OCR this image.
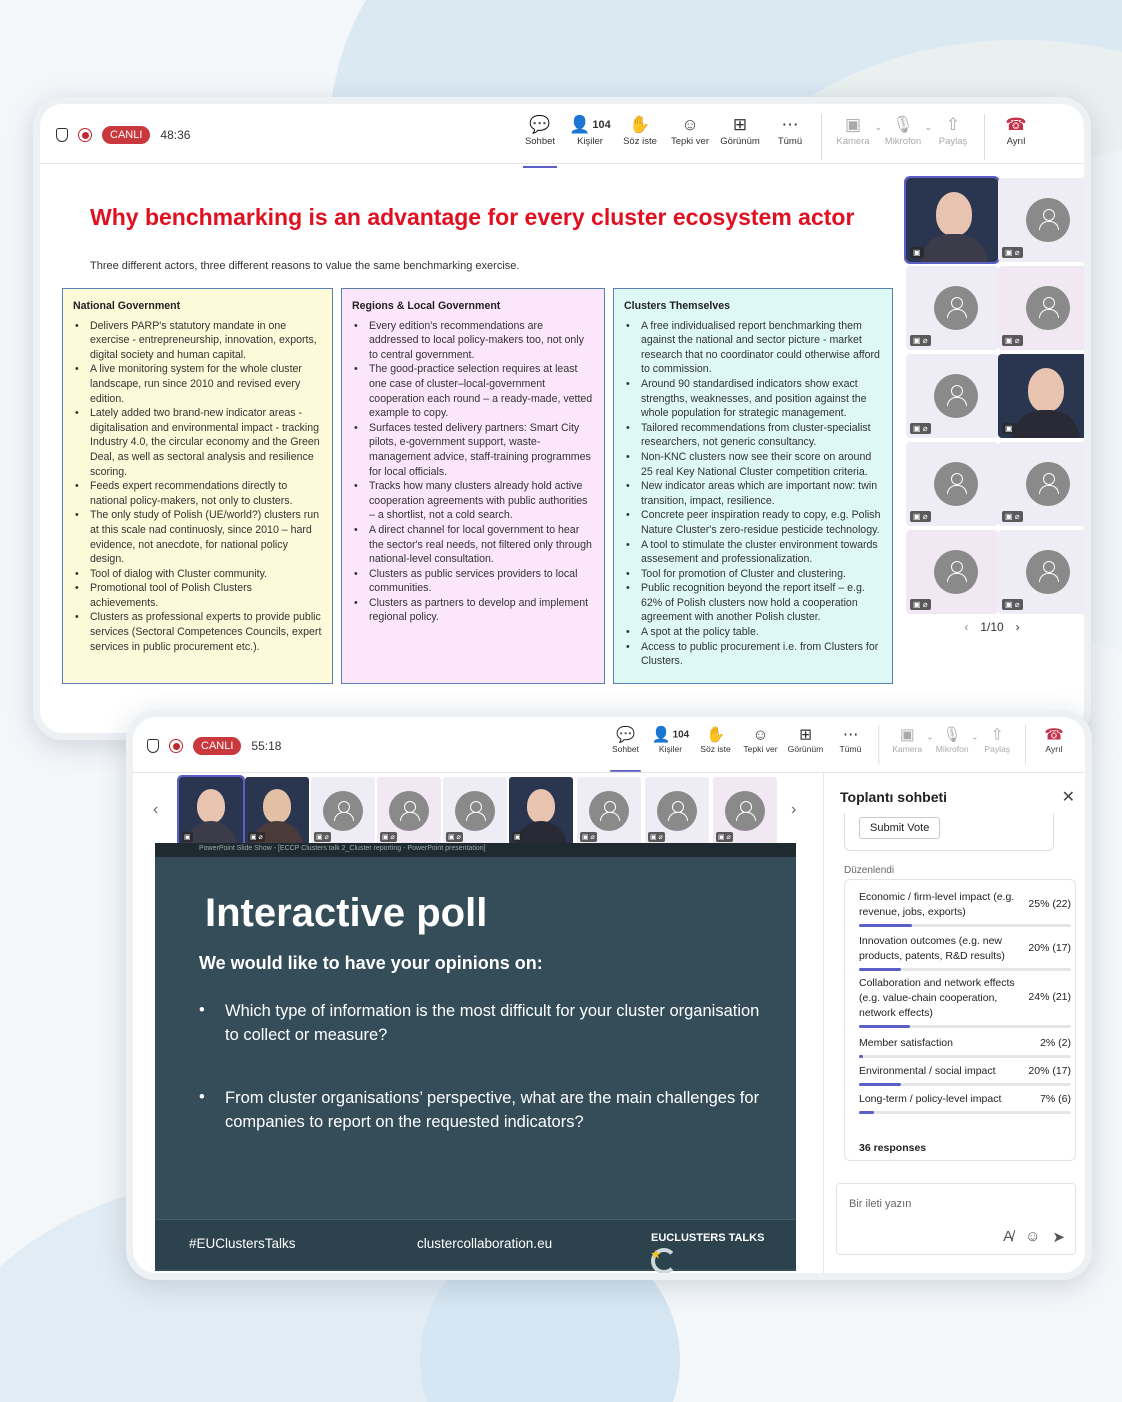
CANLI	48:36
💬
Sohbet
👤 104
Kişiler
✋
Söz iste
☺
Tepki ver
⊞
Görünüm
⋯
Tümü
▣
Kamera
⌄ 🎙
Mikrofon
⌄ ⇧
Paylaş
☎
Ayrıl
Why benchmarking is an advantage for every cluster ecosystem actor
Three different actors, three different reasons to value the same benchmarking exercise.
National Government
• Delivers PARP's statutory mandate in one exercise - entrepreneurship, innovation, exports, digital society and human capital.
• A live monitoring system for the whole cluster landscape, run since 2010 and revised every edition.
• Lately added two brand-new indicator areas - digitalisation and environmental impact - tracking Industry 4.0, the circular economy and the Green Deal, as well as sectoral analysis and resilience scoring.
• Feeds expert recommendations directly to national policy-makers, not only to clusters.
• The only study of Polish (UE/world?) clusters run at this scale nad continuosly, since 2010 – hard evidence, not anecdote, for national policy design.
• Tool of dialog with Cluster community.
• Promotional tool of Polish Clusters achievements.
• Clusters as professional experts to provide public services (Sectoral Competences Councils, expert services in public procurement etc.).
Regions & Local Government
• Every edition's recommendations are addressed to local policy-makers too, not only to central government.
• The good-practice selection requires at least one case of cluster–local-government cooperation each round – a ready-made, vetted example to copy.
• Surfaces tested delivery partners: Smart City pilots, e-government support, waste-management advice, staff-training programmes for local officials.
• Tracks how many clusters already hold active cooperation agreements with public authorities – a shortlist, not a cold search.
• A direct channel for local government to hear the sector's real needs, not filtered only through national-level consultation.
• Clusters as public services providers to local communities.
• Clusters as partners to develop and implement regional policy.
Clusters Themselves
• A free individualised report benchmarking them against the national and sector picture - market research that no coordinator could otherwise afford to commission.
• Around 90 standardised indicators show exact strengths, weaknesses, and position against the whole population for strategic management.
• Tailored recommendations from cluster-specialist researchers, not generic consultancy.
• Non-KNC clusters now see their score on around 25 real Key National Cluster competition criteria.
• New indicator areas which are important now: twin transition, impact, resilience.
• Concrete peer inspiration ready to copy, e.g. Polish Nature Cluster's zero-residue pesticide technology.
• A tool to stimulate the cluster environment towards assesement and professionalization.
• Tool for promotion of Cluster and clustering.
• Public recognition beyond the report itself – e.g. 62% of Polish clusters now hold a cooperation agreement with another Polish cluster.
• A spot at the policy table.
• Access to public procurement i.e. from Clusters for Clusters.
▣	▣ ⌀
▣ ⌀	▣ ⌀
▣ ⌀	▣
▣ ⌀	▣ ⌀
▣ ⌀	▣ ⌀
‹ 1/10 ›
CANLI	55:18
💬
Sohbet
👤 104
Kişiler
✋
Söz iste
☺
Tepki ver
⊞
Görünüm
⋯
Tümü
▣
Kamera
⌄ 🎙
Mikrofon
⌄ ⇧
Paylaş
☎
Ayrıl
‹
▣	▣ ⌀	▣ ⌀	▣ ⌀	▣ ⌀	▣	▣ ⌀	▣ ⌀	▣ ⌀
›
PowerPoint Slide Show - [ECCP Clusters talk 2_Cluster reporting - PowerPoint presentation]
Interactive poll
We would like to have your opinions on:
• Which type of information is the most difficult for your cluster organisation to collect or measure?
• From cluster organisations’ perspective, what are the main challenges for companies to report on the requested indicators?
#EUClustersTalks	clustercollaboration.eu	EUCLUSTERS TALKS
★
Toplantı sohbeti	✕
Submit Vote
Düzenlendi
36 responses
Economic / firm-level impact (e.g. revenue, jobs, exports)
25% (22)
Innovation outcomes (e.g. new products, patents, R&D results)
20% (17)
Collaboration and network effects (e.g. value-chain cooperation, network effects)
24% (21)
Member satisfaction	2% (2)
Environmental / social impact	20% (17)
Long-term / policy-level impact	7% (6)
Bir ileti yazın
A̸ ☺ ➤
